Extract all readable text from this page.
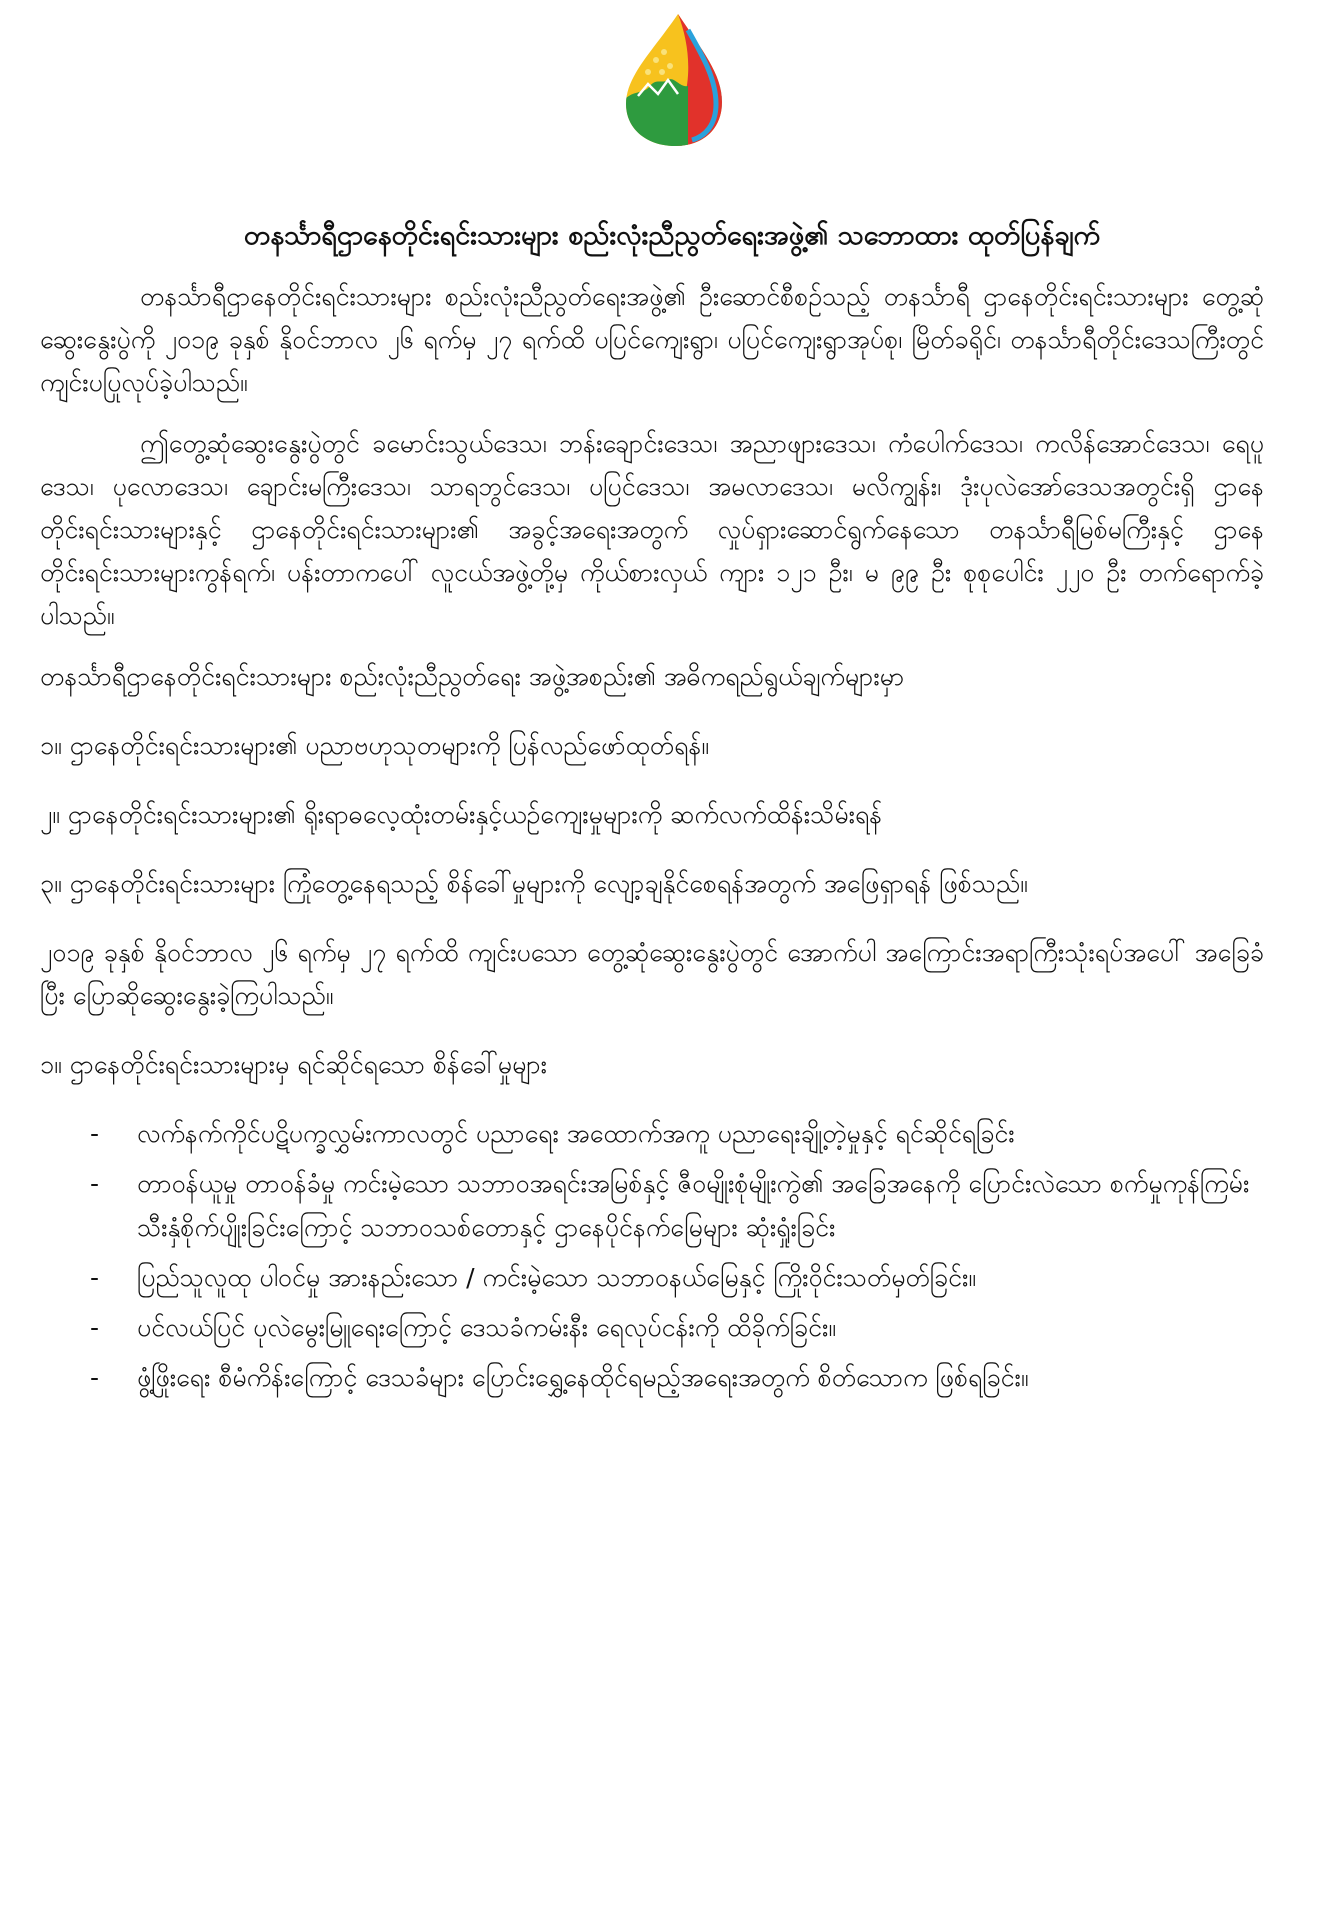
တနင်္သာရီဌာနေတိုင်းရင်းသားများ စည်းလုံးညီညွတ်ရေးအဖွဲ့၏ သဘောထား ထုတ်ပြန်ချက်

တနင်္သာရီဌာနေတိုင်းရင်းသားများ စည်းလုံးညီညွတ်ရေးအဖွဲ့၏ ဦးဆောင်စီစဉ်သည့် တနင်္သာရီ ဌာနေတိုင်းရင်းသားများ တွေ့ဆုံဆွေးနွေးပွဲကို ၂၀၁၉ ခုနှစ် နိုဝင်ဘာလ ၂၆ ရက်မှ ၂၇ ရက်ထိ ပပြင်ကျေးရွာ၊ ပပြင်ကျေးရွာအုပ်စု၊ မြိတ်ခရိုင်၊ တနင်္သာရီတိုင်းဒေသကြီးတွင် ကျင်းပပြုလုပ်ခဲ့ပါသည်။

ဤတွေ့ဆုံဆွေးနွေးပွဲတွင် ခမောင်းသွယ်ဒေသ၊ ဘန်းချောင်းဒေသ၊ အညာဖျားဒေသ၊ ကံပေါက်ဒေသ၊ ကလိန်အောင်ဒေသ၊ ရေပူဒေသ၊ ပုလောဒေသ၊ ချောင်းမကြီးဒေသ၊ သာရဘွင်ဒေသ၊ ပပြင်ဒေသ၊ အမလာဒေသ၊ မလိကျွန်း၊ ဒုံးပုလဲအော်ဒေသအတွင်းရှိ ဌာနေတိုင်းရင်းသားများနှင့် ဌာနေတိုင်းရင်းသားများ၏ အခွင့်အရေးအတွက် လှုပ်ရှားဆောင်ရွက်နေသော တနင်္သာရီမြစ်မကြီးနှင့် ဌာနေတိုင်းရင်းသားများကွန်ရက်၊ ပန်းတာကပေါ် လူငယ်အဖွဲ့တို့မှ ကိုယ်စားလှယ် ကျား ၁၂၁ ဦး၊ မ ၉၉ ဦး စုစုပေါင်း ၂၂၀ ဦး တက်ရောက်ခဲ့ပါသည်။

တနင်္သာရီဌာနေတိုင်းရင်းသားများ စည်းလုံးညီညွတ်ရေး အဖွဲ့အစည်း၏ အဓိကရည်ရွယ်ချက်များမှာ

၁။ ဌာနေတိုင်းရင်းသားများ၏ ပညာဗဟုသုတများကို ပြန်လည်ဖော်ထုတ်ရန်။

၂။ ဌာနေတိုင်းရင်းသားများ၏ ရိုးရာဓလေ့ထုံးတမ်းနှင့်ယဉ်ကျေးမှုများကို ဆက်လက်ထိန်းသိမ်းရန်

၃။ ဌာနေတိုင်းရင်းသားများ ကြုံတွေ့နေရသည့် စိန်ခေါ်မှုများကို လျော့ချနိုင်စေရန်အတွက် အဖြေရှာရန် ဖြစ်သည်။

၂၀၁၉ ခုနှစ် နိုဝင်ဘာလ ၂၆ ရက်မှ ၂၇ ရက်ထိ ကျင်းပသော တွေ့ဆုံဆွေးနွေးပွဲတွင် အောက်ပါ အကြောင်းအရာကြီးသုံးရပ်အပေါ် အခြေခံပြီး ပြောဆိုဆွေးနွေးခဲ့ကြပါသည်။

၁။ ဌာနေတိုင်းရင်းသားများမှ ရင်ဆိုင်ရသော စိန်ခေါ်မှုများ

- လက်နက်ကိုင်ပဋိပက္ခလွှမ်းကာလတွင် ပညာရေး အထောက်အကူ ပညာရေးချို့တဲ့မှုနှင့် ရင်ဆိုင်ရခြင်း
- တာဝန်ယူမှု တာဝန်ခံမှု ကင်းမဲ့သော သဘာဝအရင်းအမြစ်နှင့် ဇီဝမျိုးစုံမျိုးကွဲ၏ အခြေအနေကို ပြောင်းလဲသော စက်မှုကုန်ကြမ်း သီးနှံစိုက်ပျိုးခြင်းကြောင့် သဘာဝသစ်တောနှင့် ဌာနေပိုင်နက်မြေများ ဆုံးရှုံးခြင်း
- ပြည်သူလူထု ပါဝင်မှု အားနည်းသော / ကင်းမဲ့သော သဘာဝနယ်မြေနှင့် ကြိုးဝိုင်းသတ်မှတ်ခြင်း။
- ပင်လယ်ပြင် ပုလဲမွေးမြူရေးကြောင့် ဒေသခံကမ်းနီး ရေလုပ်ငန်းကို ထိခိုက်ခြင်း။
- ဖွံ့ဖြိုးရေး စီမံကိန်းကြောင့် ဒေသခံများ ပြောင်းရွှေ့နေထိုင်ရမည့်အရေးအတွက် စိတ်သောက ဖြစ်ရခြင်း။
